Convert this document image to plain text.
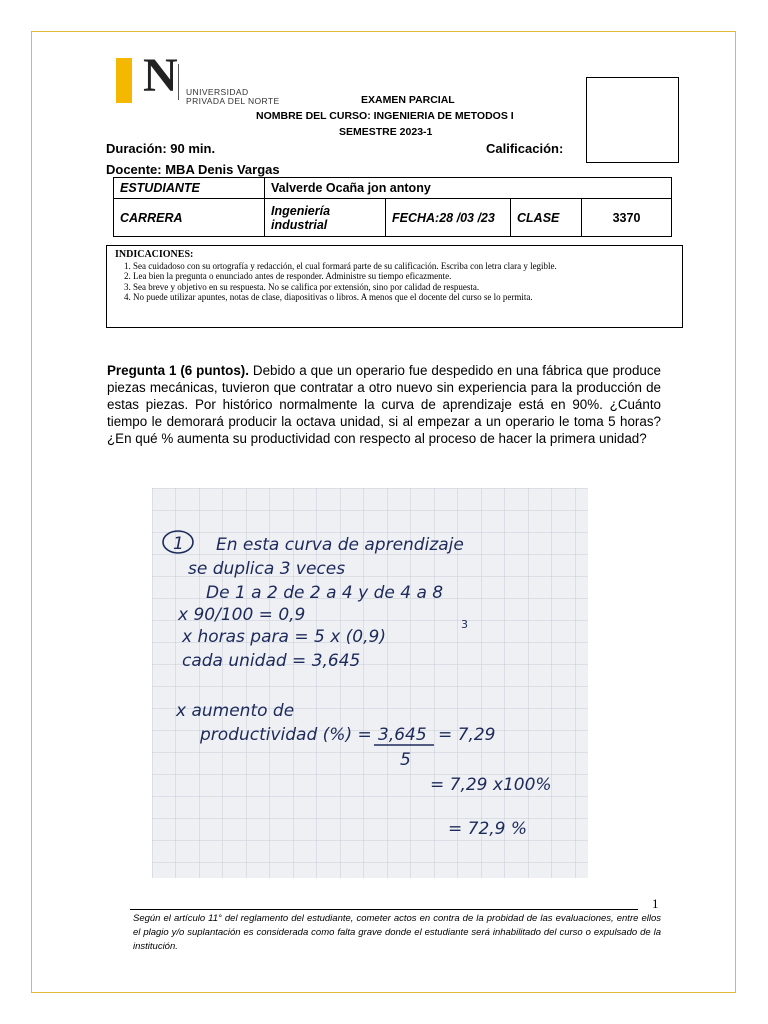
N UNIVERSIDAD
PRIVADA DEL NORTE	EXAMEN PARCIAL
NOMBRE DEL CURSO: INGENIERIA DE METODOS I
SEMESTRE 2023-1
Duración: 90 min.	Calificación:
Docente: MBA Denis Vargas
ESTUDIANTE	Valverde Ocaña jon antony			
CARRERA	Ingeniería industrial	FECHA:28 /03 /23	CLASE	3370
INDICACIONES:
1. Sea cuidadoso con su ortografía y redacción, el cual formará parte de su calificación. Escriba con letra clara y legible.
2. Lea bien la pregunta o enunciado antes de responder. Administre su tiempo eficazmente.
3. Sea breve y objetivo en su respuesta. No se califica por extensión, sino por calidad de respuesta.
4. No puede utilizar apuntes, notas de clase, diapositivas o libros. A menos que el docente del curso se lo permita.
Pregunta 1 (6 puntos). Debido a que un operario fue despedido en una fábrica que produce piezas mecánicas, tuvieron que contratar a otro nuevo sin experiencia para la producción de estas piezas. Por histórico normalmente la curva de aprendizaje está en 90%. ¿Cuánto tiempo le demorará producir la octava unidad, si al empezar a un operario le toma 5 horas? ¿En qué % aumenta su productividad con respecto al proceso de hacer la primera unidad?
1 En esta curva de aprendizaje
se duplica 3 veces
De 1 a 2 de 2 a 4 y de 4 a 8
x 90/100 = 0,9
x horas para = 5 x (0,9)
3
cada unidad = 3,645
x aumento de
productividad (%) = 3,645
5
= 7,29
= 7,29 x100%
= 72,9 %
1
Según el artículo 11° del reglamento del estudiante, cometer actos en contra de la probidad de las evaluaciones, entre ellos el plagio y/o suplantación es considerada como falta grave donde el estudiante será inhabilitado del curso o expulsado de la institución.
